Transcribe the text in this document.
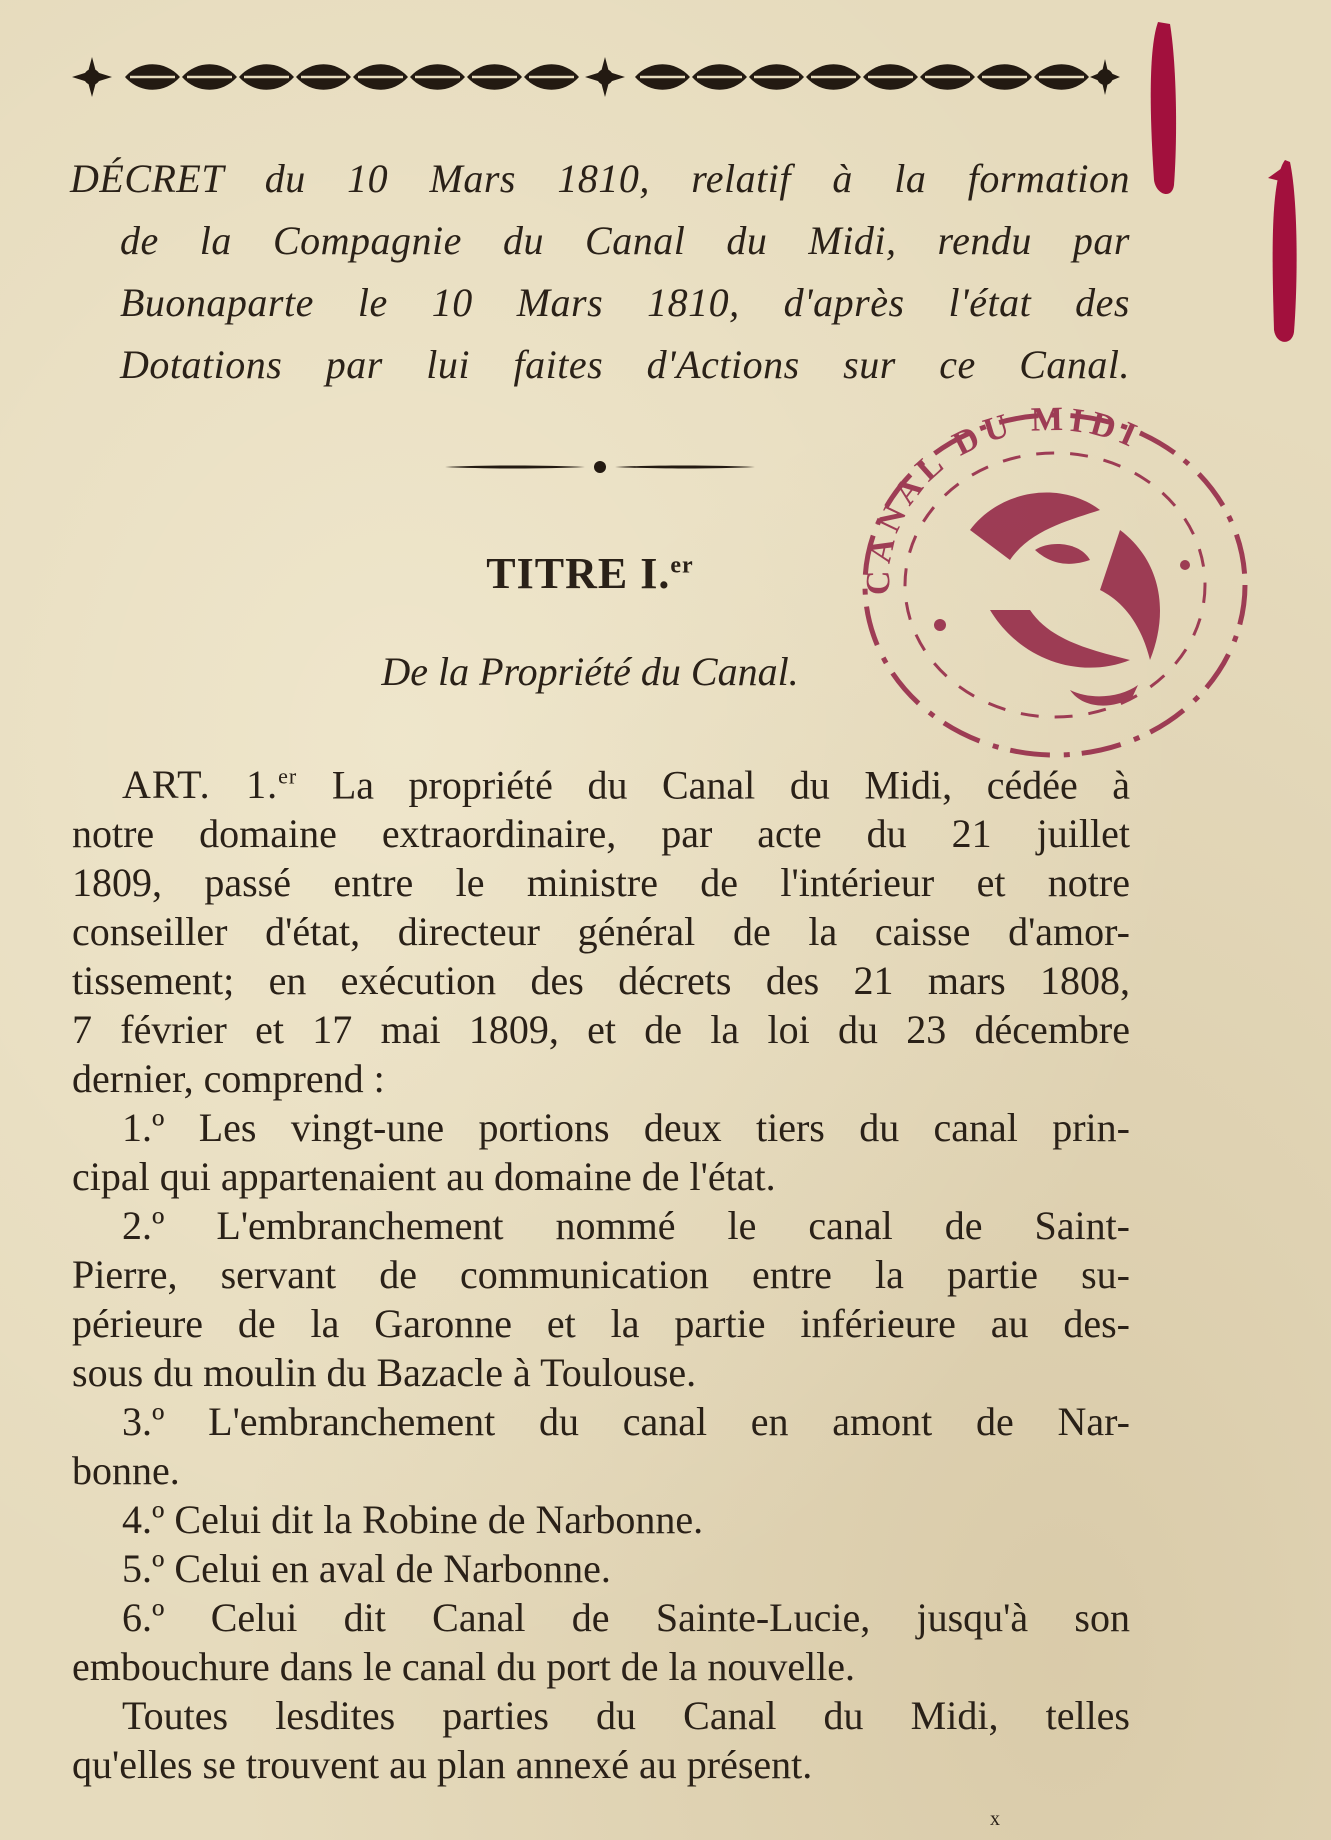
DÉCRET du 10 Mars 1810, relatif à la formation
de la Compagnie du Canal du Midi, rendu par
Buonaparte le 10 Mars 1810, d'après l'état des
Dotations par lui faites d'Actions sur ce Canal.
TITRE I.$^{er}$
De la Propriété du Canal.
ART. 1.$^{er}$ La propriété du Canal du Midi, cédée à
notre domaine extraordinaire, par acte du 21 juillet
1809, passé entre le ministre de l'intérieur et notre
conseiller d'état, directeur général de la caisse d'amor-
tissement; en exécution des décrets des 21 mars 1808,
7 février et 17 mai 1809, et de la loi du 23 décembre
dernier, comprend :
1.º Les vingt-une portions deux tiers du canal prin-
cipal qui appartenaient au domaine de l'état.
2.º L'embranchement nommé le canal de Saint-
Pierre, servant de communication entre la partie su-
périeure de la Garonne et la partie inférieure au des-
sous du moulin du Bazacle à Toulouse.
3.º L'embranchement du canal en amont de Nar-
bonne.
4.º Celui dit la Robine de Narbonne.
5.º Celui en aval de Narbonne.
6.º Celui dit Canal de Sainte-Lucie, jusqu'à son
embouchure dans le canal du port de la nouvelle.
Toutes lesdites parties du Canal du Midi, telles
qu'elles se trouvent au plan annexé au présent.
CANAL DU MIDI
x
